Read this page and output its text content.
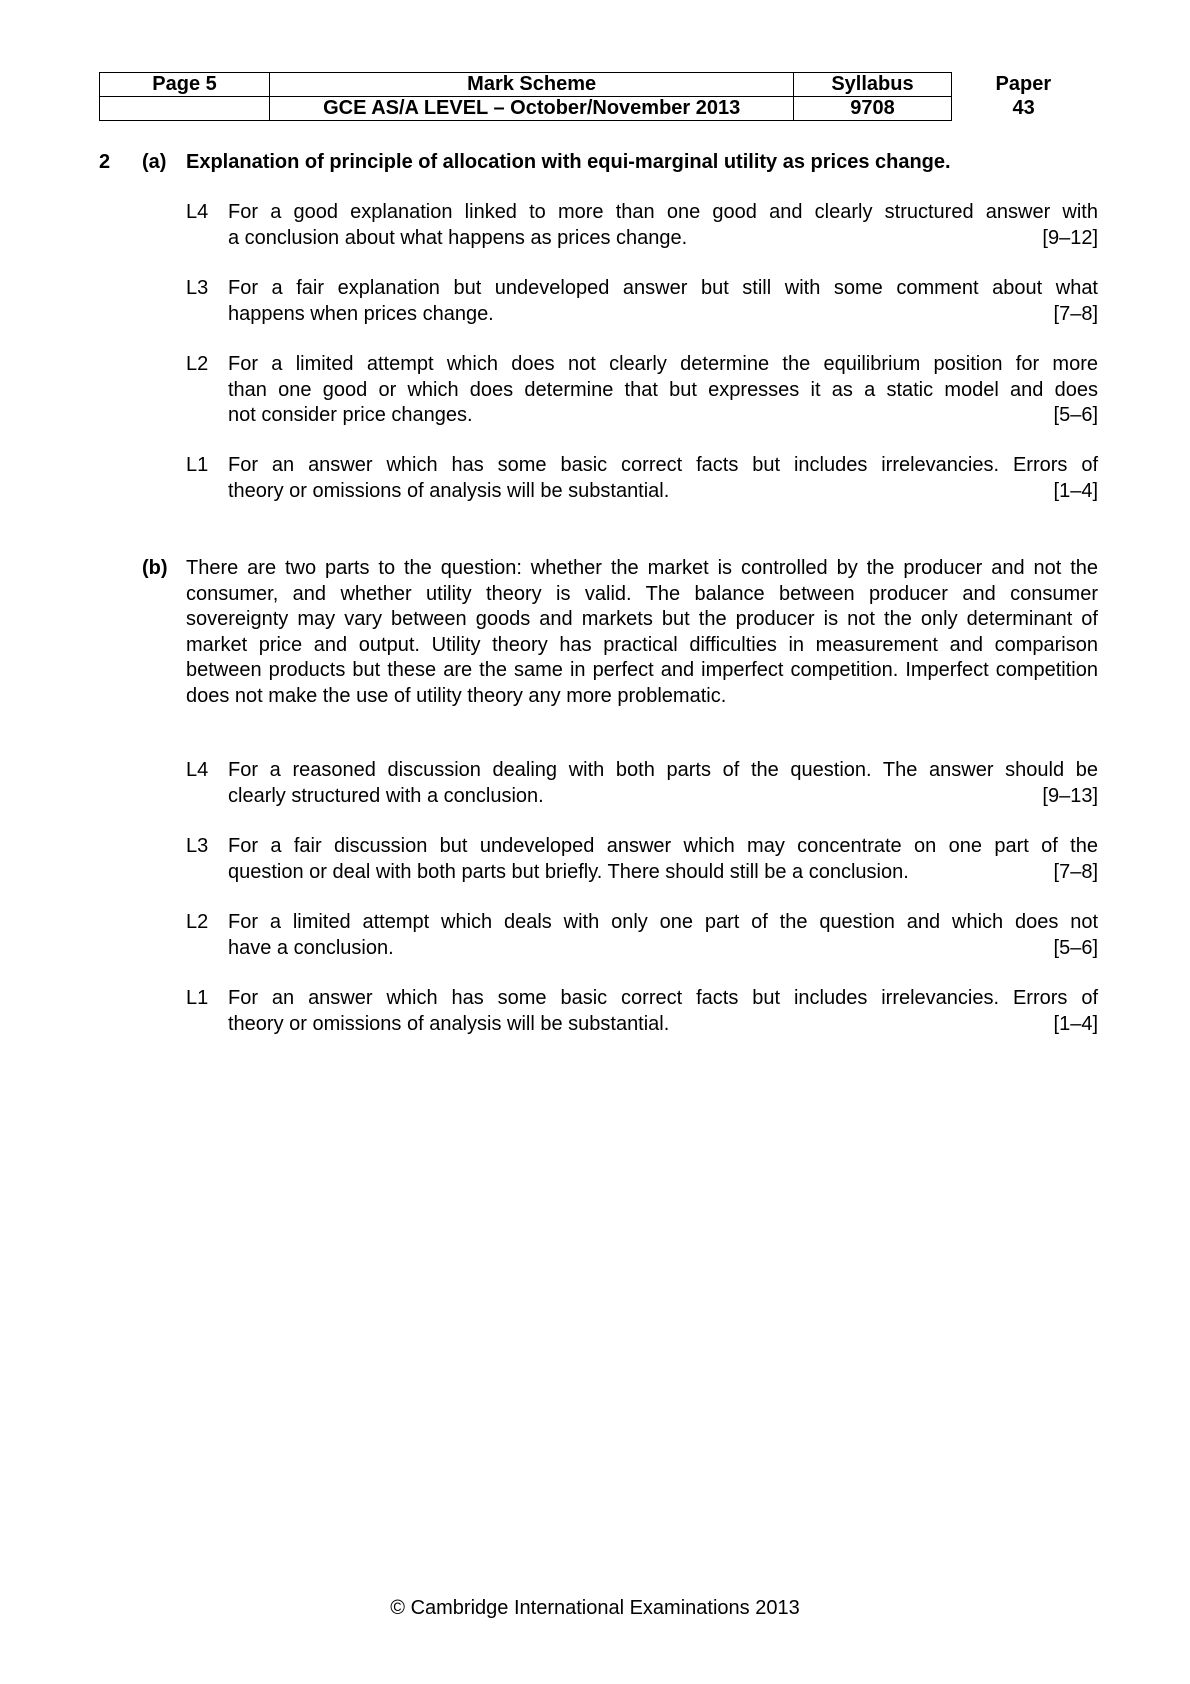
Page 5	Mark Scheme	Syllabus	Paper
	GCE AS/A LEVEL – October/November 2013	9708	43
2 (a) Explanation of principle of allocation with equi-marginal utility as prices change.
L4 For a good explanation linked to more than one good and clearly structured answer with
a conclusion about what happens as prices change.	[9–12]
L3 For a fair explanation but undeveloped answer but still with some comment about what
happens when prices change.	[7–8]
L2 For a limited attempt which does not clearly determine the equilibrium position for more
than one good or which does determine that but expresses it as a static model and does
not consider price changes.	[5–6]
L1 For an answer which has some basic correct facts but includes irrelevancies. Errors of
theory or omissions of analysis will be substantial.	[1–4]
(b) There are two parts to the question: whether the market is controlled by the producer and not the consumer, and whether utility theory is valid. The balance between producer and consumer sovereignty may vary between goods and markets but the producer is not the only determinant of market price and output. Utility theory has practical difficulties in measurement and comparison between products but these are the same in perfect and imperfect competition. Imperfect competition does not make the use of utility theory any more problematic.
L4 For a reasoned discussion dealing with both parts of the question. The answer should be
clearly structured with a conclusion.	[9–13]
L3 For a fair discussion but undeveloped answer which may concentrate on one part of the
question or deal with both parts but briefly. There should still be a conclusion.	[7–8]
L2 For a limited attempt which deals with only one part of the question and which does not
have a conclusion.	[5–6]
L1 For an answer which has some basic correct facts but includes irrelevancies. Errors of
theory or omissions of analysis will be substantial.	[1–4]
© Cambridge International Examinations 2013
